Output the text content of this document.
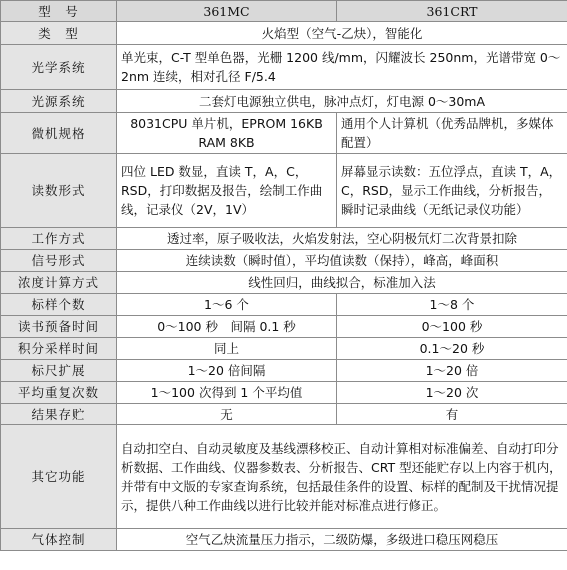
型　号	361MC	361CRT
类　型	火焰型（空气-乙炔），智能化	
光学系统	单光束，C-T 型单色器，光栅 1200 线/mm，闪耀波长 250nm，光谱带宽 0～2nm 连续，相对孔径 F/5.4	
光源系统	二套灯电源独立供电，脉冲点灯，灯电源 0～30mA	
微机规格	8031CPU 单片机，EPROM 16KB RAM 8KB	通用个人计算机（优秀品牌机，多媒体配置）
读数形式	四位 LED 数显，直读 T，A，C，RSD，打印数据及报告，绘制工作曲线，记录仪（2V，1V）	屏幕显示读数：五位浮点，直读 T，A，C，RSD，显示工作曲线，分析报告，瞬时记录曲线（无纸记录仪功能）
工作方式	透过率，原子吸收法，火焰发射法，空心阴极氘灯二次背景扣除	
信号形式	连续读数（瞬时值），平均值读数（保持），峰高，峰面积	
浓度计算方式	线性回归，曲线拟合，标准加入法	
标样个数	1～6 个	1～8 个
读书预备时间	0～100 秒　间隔 0.1 秒	0～100 秒
积分采样时间	同上	0.1～20 秒
标尺扩展	1～20 倍间隔	1～20 倍
平均重复次数	1～100 次得到 1 个平均值	1～20 次
结果存贮	无	有
其它功能	自动扣空白、自动灵敏度及基线漂移校正、自动计算相对标准偏差、自动打印分析数据、工作曲线、仪器参数表、分析报告、CRT 型还能贮存以上内容于机内，并带有中文版的专家查询系统，包括最佳条件的设置、标样的配制及干扰情况提示，提供八种工作曲线以进行比较并能对标准点进行修正。	
气体控制	空气乙炔流量压力指示，二级防爆，多级进口稳压网稳压	
